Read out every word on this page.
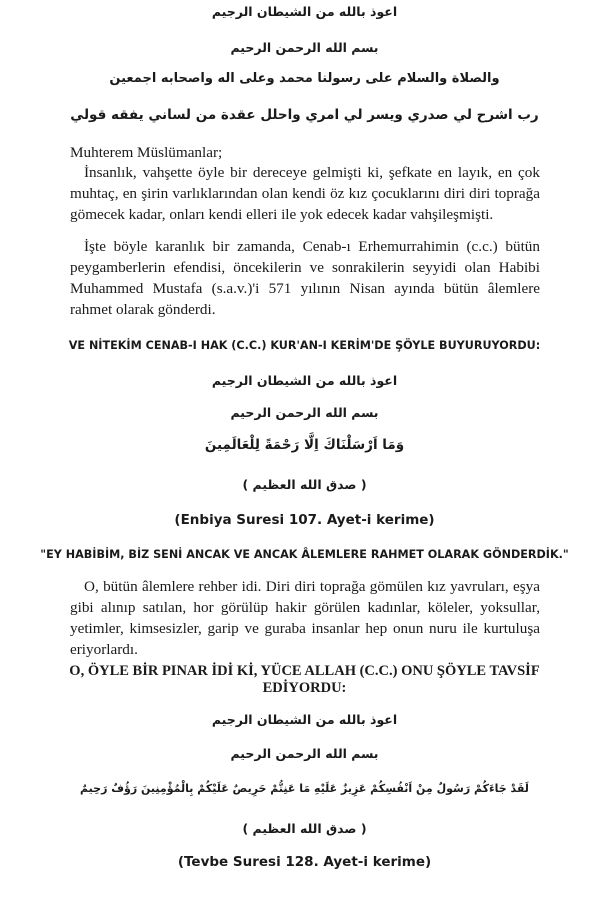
اعوذ بالله من الشيطان الرجيم
بسم الله الرحمن الرحيم
والصلاة والسلام على رسولنا محمد وعلى اله واصحابه اجمعين
رب اشرح لي صدري ويسر لي امري واحلل عقدة من لساني يفقه قولي
Muhterem Müslümanlar;
İnsanlık, vahşette öyle bir dereceye gelmişti ki, şefkate en layık, en çok muhtaç, en şirin varlıklarından olan kendi öz kız çocuklarını diri diri toprağa gömecek kadar, onları kendi elleri ile yok edecek kadar vahşileşmişti.
İşte böyle karanlık bir zamanda, Cenab-ı Erhemurrahimin (c.c.) bütün peygamberlerin efendisi, öncekilerin ve sonrakilerin seyyidi olan Habibi Muhammed Mustafa (s.a.v.)'i 571 yılının Nisan ayında bütün âlemlere rahmet olarak gönderdi.
VE NİTEKİM CENAB-I HAK (C.C.) KUR'AN-I KERİM'DE ŞÖYLE BUYURUYORDU:
اعوذ بالله من الشيطان الرجيم
بسم الله الرحمن الرحيم
وَمَا اَرْسَلْنَاكَ اِلَّا رَحْمَةً لِلْعَالَمِينَ
( صدق الله العظيم )
(Enbiya Suresi 107. Ayet-i kerime)
"EY HABİBİM, BİZ SENİ ANCAK VE ANCAK ÂLEMLERE RAHMET OLARAK GÖNDERDİK."
O, bütün âlemlere rehber idi. Diri diri toprağa gömülen kız yavruları, eşya gibi alınıp satılan, hor görülüp hakir görülen kadınlar, köleler, yoksullar, yetimler, kimsesizler, garip ve guraba insanlar hep onun nuru ile kurtuluşa eriyorlardı.
O, ÖYLE BİR PINAR İDİ Kİ, YÜCE ALLAH (C.C.) ONU ŞÖYLE TAVSİF
EDİYORDU:
اعوذ بالله من الشيطان الرجيم
بسم الله الرحمن الرحيم
لَقَدْ جَاءَكُمْ رَسُولٌ مِنْ اَنْفُسِكُمْ عَزِيزٌ عَلَيْهِ مَا عَنِتُّمْ حَرِيصٌ عَلَيْكُمْ بِالْمُؤْمِنِينَ رَؤُفٌ رَحِيمٌ
( صدق الله العظيم )
(Tevbe Suresi 128. Ayet-i kerime)
